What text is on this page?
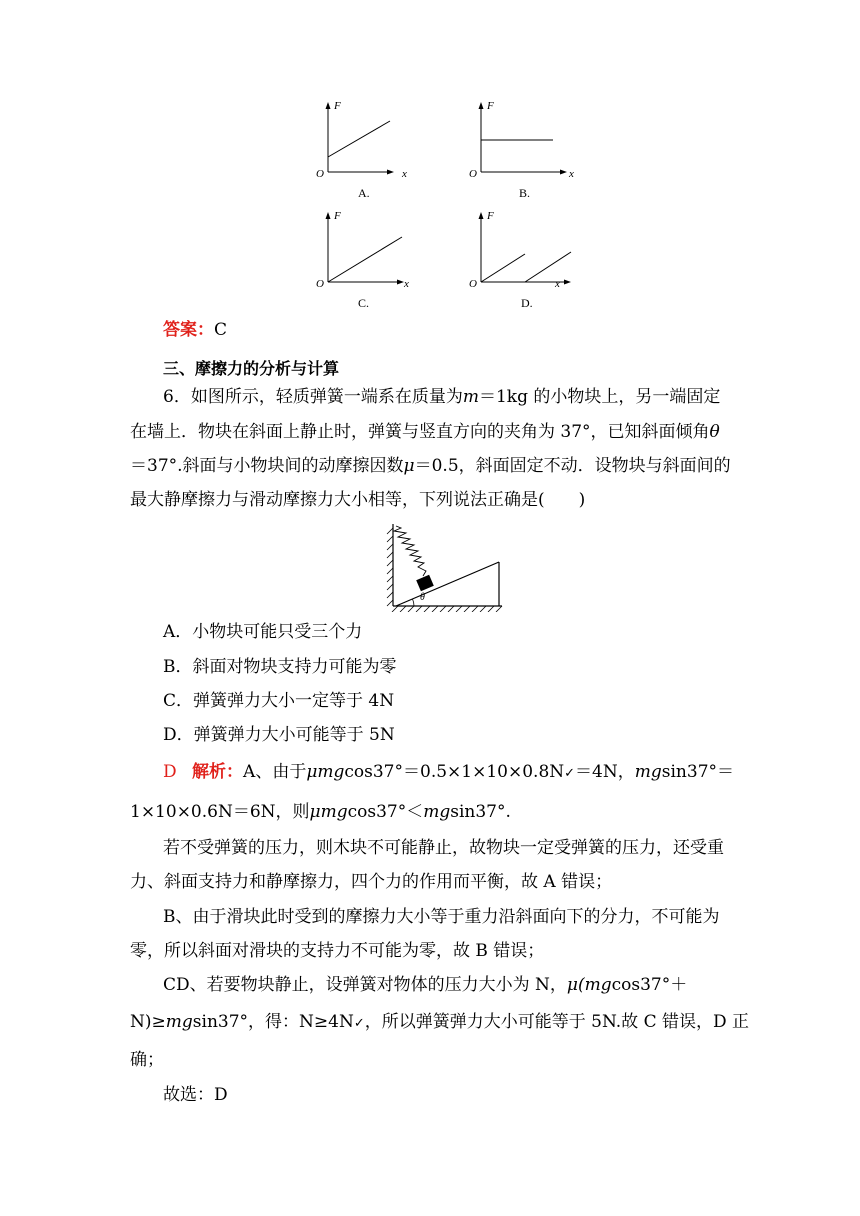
F
O	x
A.
F
O	x
B.
F
O	x
C.
F
O	x
D.
答案：C
三、摩擦力的分析与计算
6．如图所示，轻质弹簧一端系在质量为m＝1kg 的小物块上，另一端固定
在墙上．物块在斜面上静止时，弹簧与竖直方向的夹角为 37°，已知斜面倾角θ
＝37°.斜面与小物块间的动摩擦因数μ＝0.5，斜面固定不动．设物块与斜面间的
最大静摩擦力与滑动摩擦力大小相等，下列说法正确是(　　)
θ
A．小物块可能只受三个力
B．斜面对物块支持力可能为零
C．弹簧弹力大小一定等于 4N
D．弹簧弹力大小可能等于 5N
D 解析：A、由于μmgcos37°＝0.5×1×10×0.8N✓＝4N，mgsin37°＝
1×10×0.6N＝6N，则μmgcos37°＜mgsin37°.
若不受弹簧的压力，则木块不可能静止，故物块一定受弹簧的压力，还受重
力、斜面支持力和静摩擦力，四个力的作用而平衡，故 A 错误；
B、由于滑块此时受到的摩擦力大小等于重力沿斜面向下的分力，不可能为
零，所以斜面对滑块的支持力不可能为零，故 B 错误；
CD、若要物块静止，设弹簧对物体的压力大小为 N，μ(mgcos37°＋
N)≥mgsin37°，得：N≥4N✓，所以弹簧弹力大小可能等于 5N.故 C 错误，D 正
确；
故选：D
